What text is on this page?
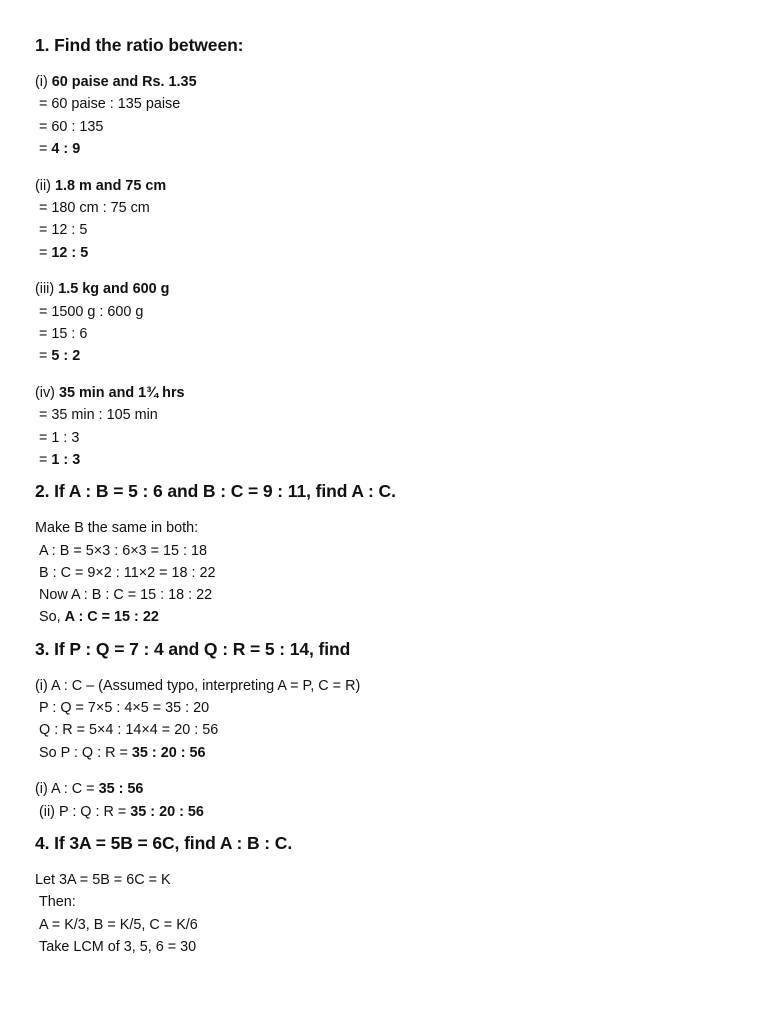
1. Find the ratio between:
(i) 60 paise and Rs. 1.35
= 60 paise : 135 paise
= 60 : 135
= 4 : 9
(ii) 1.8 m and 75 cm
= 180 cm : 75 cm
= 12 : 5
= 12 : 5
(iii) 1.5 kg and 600 g
= 1500 g : 600 g
= 15 : 6
= 5 : 2
(iv) 35 min and 1¾ hrs
= 35 min : 105 min
= 1 : 3
= 1 : 3
2. If A : B = 5 : 6 and B : C = 9 : 11, find A : C.
Make B the same in both:
A : B = 5×3 : 6×3 = 15 : 18
B : C = 9×2 : 11×2 = 18 : 22
Now A : B : C = 15 : 18 : 22
So, A : C = 15 : 22
3. If P : Q = 7 : 4 and Q : R = 5 : 14, find
(i) A : C – (Assumed typo, interpreting A = P, C = R)
P : Q = 7×5 : 4×5 = 35 : 20
Q : R = 5×4 : 14×4 = 20 : 56
So P : Q : R = 35 : 20 : 56
(i) A : C = 35 : 56
(ii) P : Q : R = 35 : 20 : 56
4. If 3A = 5B = 6C, find A : B : C.
Let 3A = 5B = 6C = K
Then:
A = K/3, B = K/5, C = K/6
Take LCM of 3, 5, 6 = 30
